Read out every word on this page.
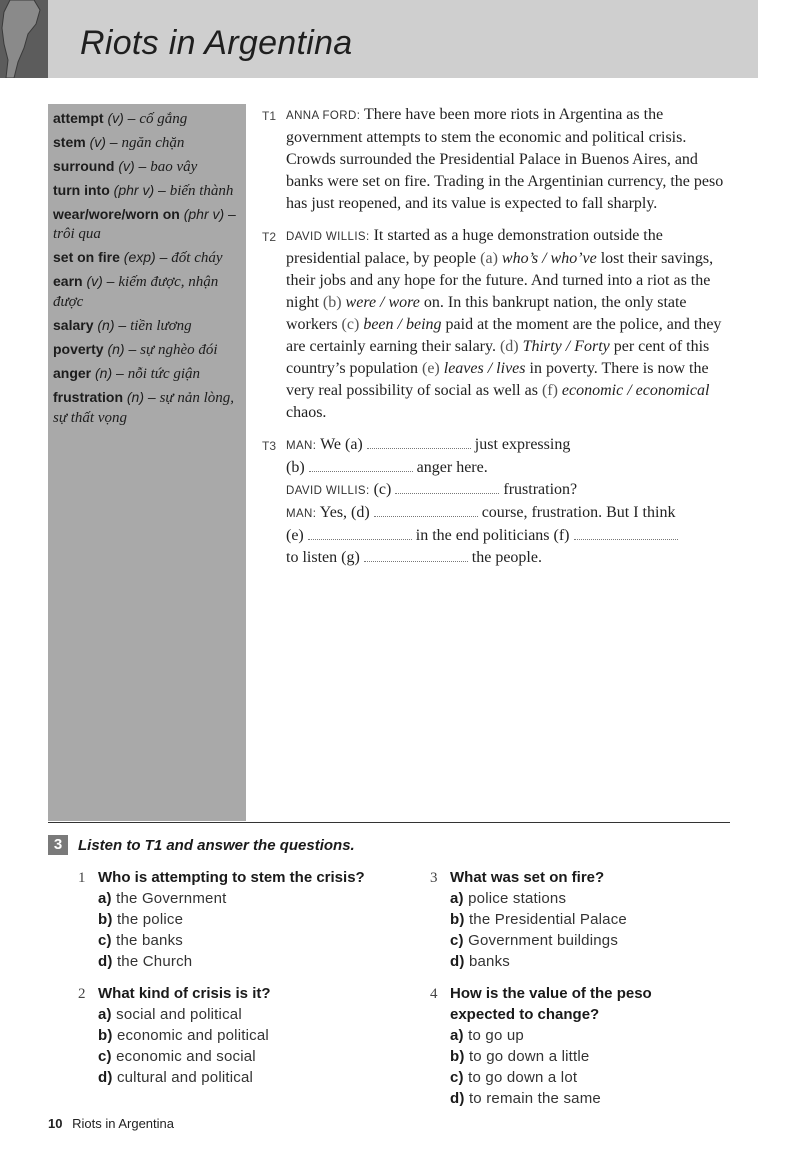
Riots in Argentina
attempt (v) – cố gắng
stem (v) – ngăn chặn
surround (v) – bao vây
turn into (phr v) – biến thành
wear/wore/worn on (phr v) – trôi qua
set on fire (exp) – đốt cháy
earn (v) – kiếm được, nhận được
salary (n) – tiền lương
poverty (n) – sự nghèo đói
anger (n) – nỗi tức giận
frustration (n) – sự nản lòng, sự thất vọng
T1 ANNA FORD: There have been more riots in Argentina as the government attempts to stem the economic and political crisis. Crowds surrounded the Presidential Palace in Buenos Aires, and banks were set on fire. Trading in the Argentinian currency, the peso has just reopened, and its value is expected to fall sharply.
T2 DAVID WILLIS: It started as a huge demonstration outside the presidential palace, by people (a) who’s / who’ve lost their savings, their jobs and any hope for the future. And turned into a riot as the night (b) were / wore on. In this bankrupt nation, the only state workers (c) been / being paid at the moment are the police, and they are certainly earning their salary. (d) Thirty / Forty per cent of this country’s population (e) leaves / lives in poverty. There is now the very real possibility of social as well as (f) economic / economical chaos.
T3 MAN: We (a)	just expressing
(b)	anger here.
DAVID WILLIS: (c)	frustration?
MAN: Yes, (d)	course, frustration. But I think
(e)	in the end politicians (f)
to listen (g)	the people.
3	Listen to T1 and answer the questions.
1 Who is attempting to stem the crisis?
a) the Government
b) the police
c) the banks
d) the Church
2 What kind of crisis is it?
a) social and political
b) economic and political
c) economic and social
d) cultural and political
3 What was set on fire?
a) police stations
b) the Presidential Palace
c) Government buildings
d) banks
4 How is the value of the peso expected to change?
a) to go up
b) to go down a little
c) to go down a lot
d) to remain the same
10 Riots in Argentina
